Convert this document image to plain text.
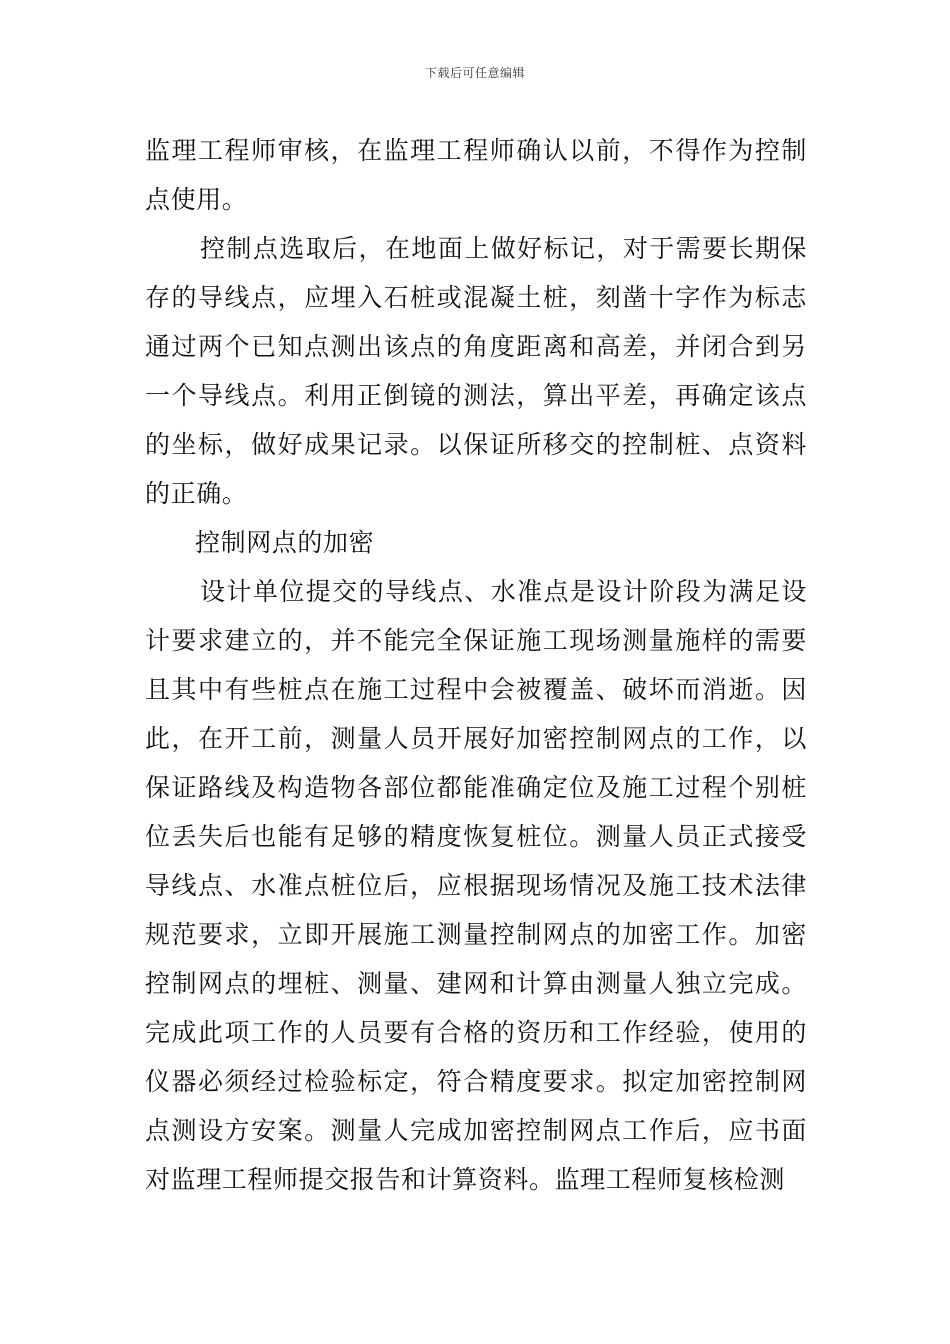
下载后可任意编辑

监理工程师审核，在监理工程师确认以前，不得作为控制点使用。

控制点选取后，在地面上做好标记，对于需要长期保存的导线点，应埋入石桩或混凝土桩，刻凿十字作为标志通过两个已知点测出该点的角度距离和高差，并闭合到另一个导线点。利用正倒镜的测法，算出平差，再确定该点的坐标，做好成果记录。以保证所移交的控制桩、点资料的正确。

控制网点的加密

设计单位提交的导线点、水准点是设计阶段为满足设计要求建立的，并不能完全保证施工现场测量施样的需要且其中有些桩点在施工过程中会被覆盖、破坏而消逝。因此，在开工前，测量人员开展好加密控制网点的工作，以保证路线及构造物各部位都能准确定位及施工过程个别桩位丢失后也能有足够的精度恢复桩位。测量人员正式接受导线点、水准点桩位后，应根据现场情况及施工技术法律规范要求，立即开展施工测量控制网点的加密工作。加密控制网点的埋桩、测量、建网和计算由测量人独立完成。完成此项工作的人员要有合格的资历和工作经验，使用的仪器必须经过检验标定，符合精度要求。拟定加密控制网点测设方安案。测量人完成加密控制网点工作后，应书面对监理工程师提交报告和计算资料。监理工程师复核检测
